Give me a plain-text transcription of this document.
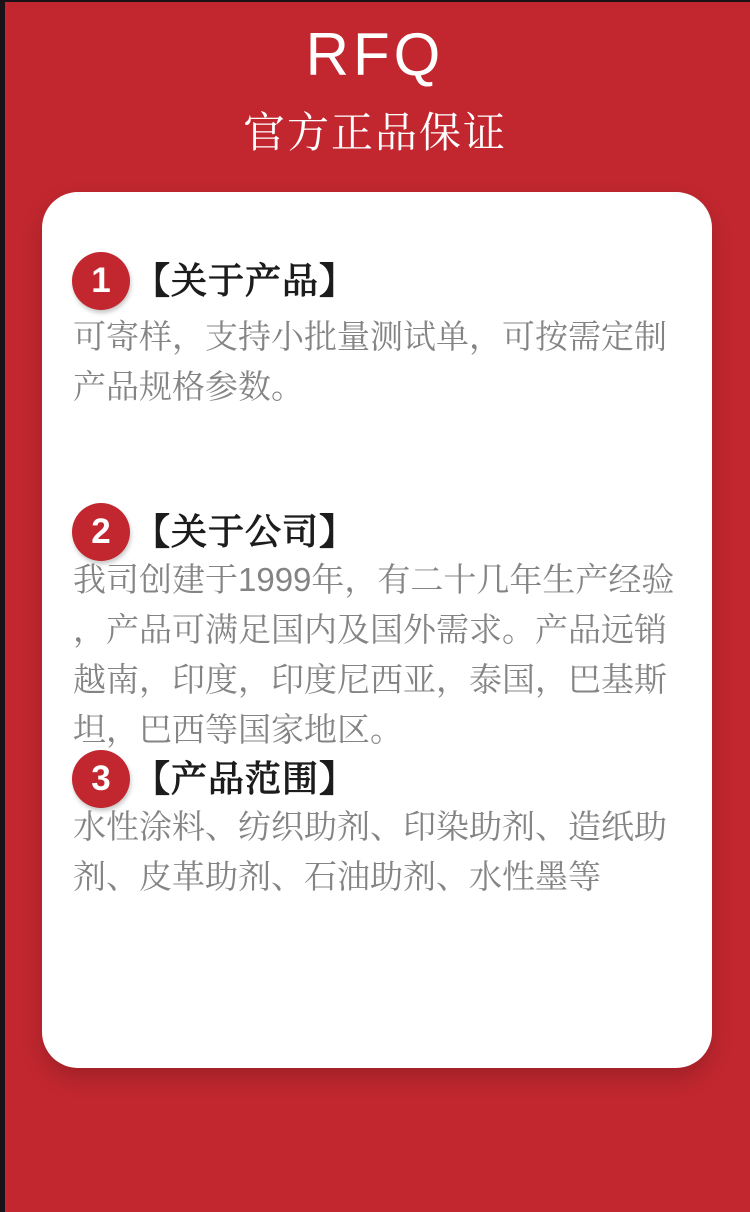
RFQ
官方正品保证
1 【关于产品】

可寄样，支持小批量测试单，可按需定制
产品规格参数。

2 【关于公司】

我司创建于1999年，有二十几年生产经验
，产品可满足国内及国外需求。产品远销
越南，印度，印度尼西亚，泰国，巴基斯
坦，巴西等国家地区。

3 【产品范围】

水性涂料、纺织助剂、印染助剂、造纸助
剂、皮革助剂、石油助剂、水性墨等
